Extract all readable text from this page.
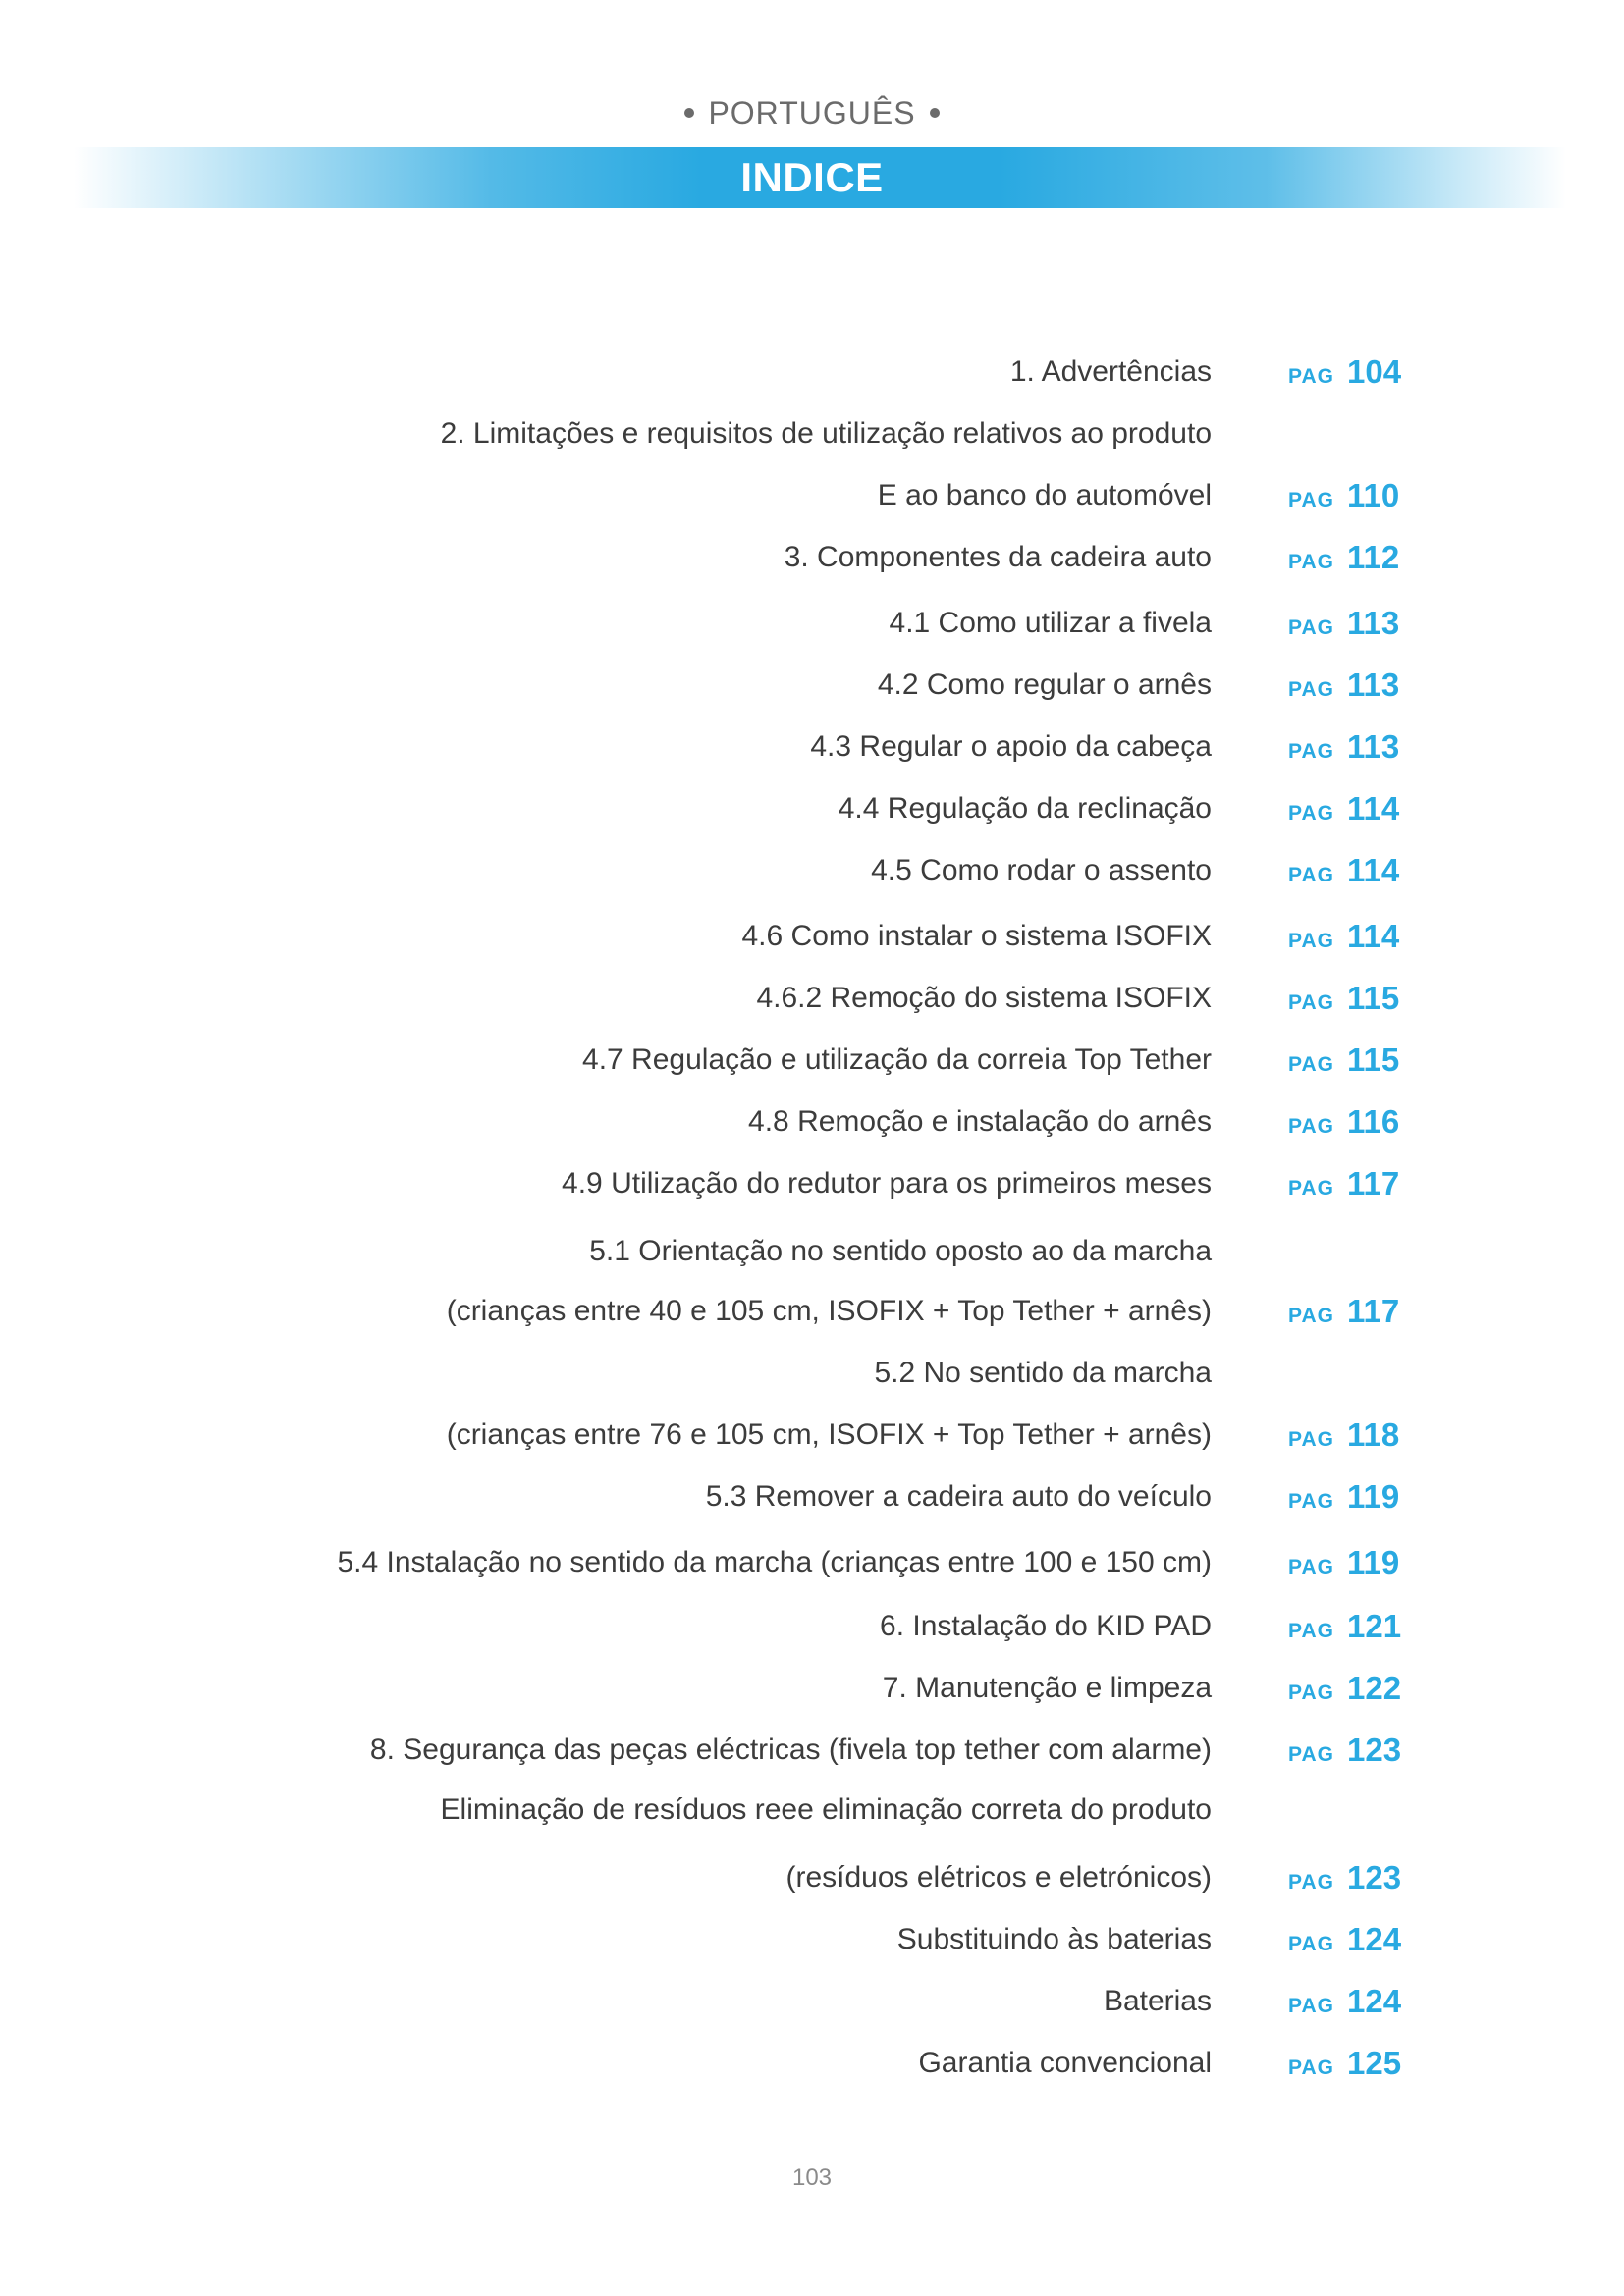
PORTUGUÊS
INDICE
1. Advertências	PAG 104
2. Limitações e requisitos de utilização relativos ao produto
E ao banco do automóvel	PAG 110
3. Componentes da cadeira auto	PAG 112
4.1 Como utilizar a fivela	PAG 113
4.2 Como regular o arnês	PAG 113
4.3 Regular o apoio da cabeça	PAG 113
4.4 Regulação da reclinação	PAG 114
4.5 Como rodar o assento	PAG 114
4.6 Como instalar o sistema ISOFIX	PAG 114
4.6.2 Remoção do sistema ISOFIX	PAG 115
4.7 Regulação e utilização da correia Top Tether	PAG 115
4.8 Remoção e instalação do arnês	PAG 116
4.9 Utilização do redutor para os primeiros meses	PAG 117
5.1 Orientação no sentido oposto ao da marcha
(crianças entre 40 e 105 cm, ISOFIX + Top Tether + arnês)	PAG 117
5.2 No sentido da marcha
(crianças entre 76 e 105 cm, ISOFIX + Top Tether + arnês)	PAG 118
5.3 Remover a cadeira auto do veículo	PAG 119
5.4 Instalação no sentido da marcha (crianças entre 100 e 150 cm)	PAG 119
6. Instalação do KID PAD	PAG 121
7. Manutenção e limpeza	PAG 122
8. Segurança das peças eléctricas (fivela top tether com alarme)	PAG 123
Eliminação de resíduos reee eliminação correta do produto
(resíduos elétricos e eletrónicos)	PAG 123
Substituindo às baterias	PAG 124
Baterias	PAG 124
Garantia convencional	PAG 125
103
